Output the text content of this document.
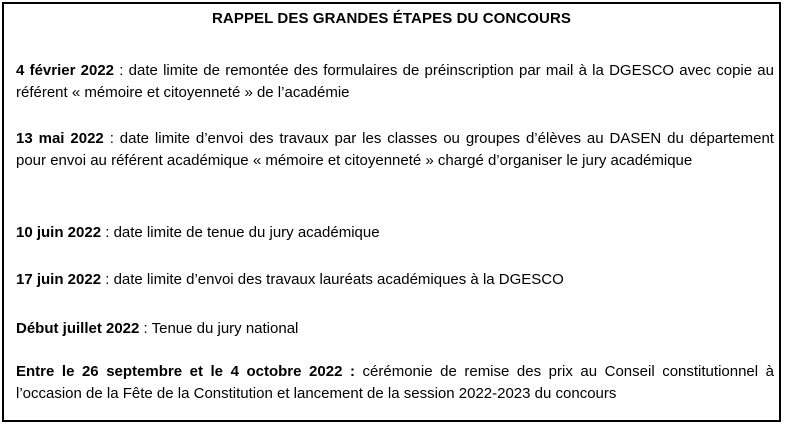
RAPPEL DES GRANDES ÉTAPES DU CONCOURS
4 février 2022 : date limite de remontée des formulaires de préinscription par mail à la DGESCO avec copie au référent « mémoire et citoyenneté » de l’académie
13 mai 2022 : date limite d’envoi des travaux par les classes ou groupes d’élèves au DASEN du département pour envoi au référent académique « mémoire et citoyenneté » chargé d’organiser le jury académique
10 juin 2022 : date limite de tenue du jury académique
17 juin 2022 : date limite d’envoi des travaux lauréats académiques à la DGESCO
Début juillet 2022 : Tenue du jury national
Entre le 26 septembre et le 4 octobre 2022 : cérémonie de remise des prix au Conseil constitutionnel à l’occasion de la Fête de la Constitution et lancement de la session 2022-2023 du concours
